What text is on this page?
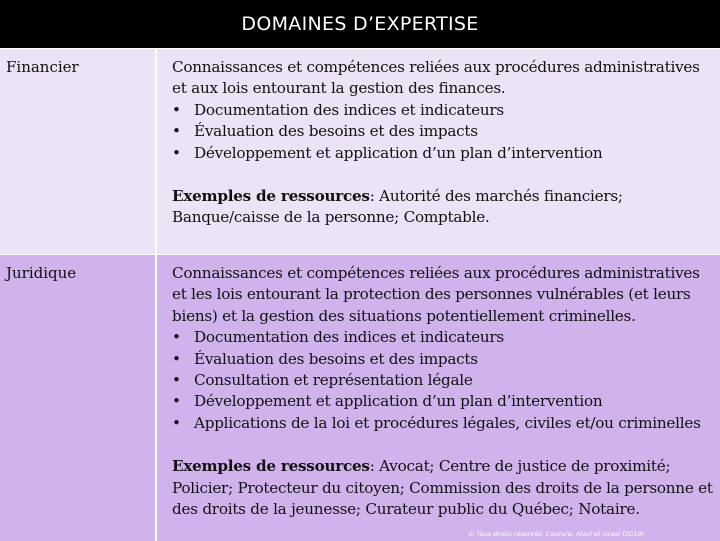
DOMAINES D’EXPERTISE
Financier	Connaissances et compétences reliées aux procédures administratives et aux lois entourant la gestion des finances.

• Documentation des indices et indicateurs
• Évaluation des besoins et des impacts
• Développement et application d’un plan d’intervention
Exemples de ressources: Autorité des marchés financiers; Banque/caisse de la personne; Comptable.
Juridique	Connaissances et compétences reliées aux procédures administratives et les lois entourant la protection des personnes vulnérables (et leurs biens) et la gestion des situations potentiellement criminelles.

• Documentation des indices et indicateurs
• Évaluation des besoins et des impacts
• Consultation et représentation légale
• Développement et application d’un plan d’intervention
• Applications de la loi et procédures légales, civiles et/ou criminelles
Exemples de ressources: Avocat; Centre de justice de proximité; Policier; Protecteur du citoyen; Commission des droits de la personne et des droits de la jeunesse; Curateur public du Québec; Notaire.
© Tous droits réservés, Couture, Alavi et Israel (2019)
